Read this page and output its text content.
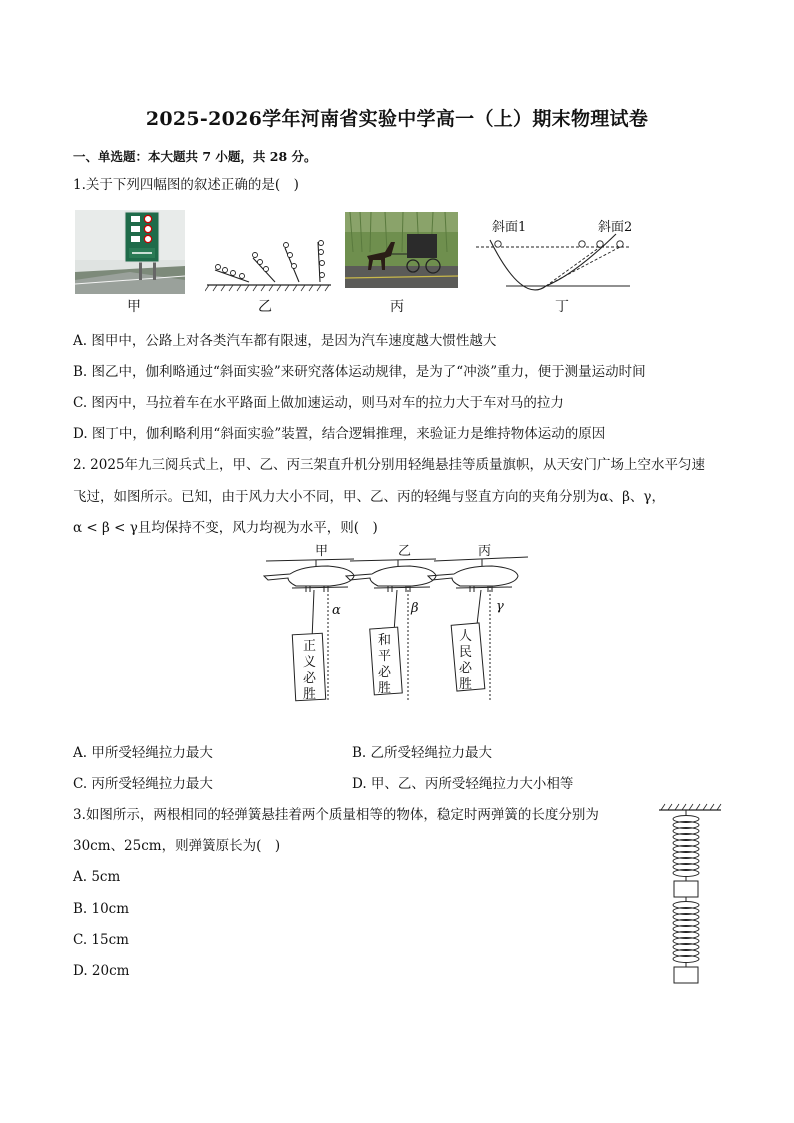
2025-2026学年河南省实验中学高一（上）期末物理试卷
一、单选题：本大题共 7 小题，共 28 分。
1.关于下列四幅图的叙述正确的是(　)
斜面1	斜面2
甲	乙	丙	丁
A. 图甲中，公路上对各类汽车都有限速，是因为汽车速度越大惯性越大
B. 图乙中，伽利略通过“斜面实验”来研究落体运动规律，是为了“冲淡”重力，便于测量运动时间
C. 图丙中，马拉着车在水平路面上做加速运动，则马对车的拉力大于车对马的拉力
D. 图丁中，伽利略利用“斜面实验”装置，结合逻辑推理，来验证力是维持物体运动的原因
2. 2025年九三阅兵式上，甲、乙、丙三架直升机分别用轻绳悬挂等质量旗帜，从天安门广场上空水平匀速
飞过，如图所示。已知，由于风力大小不同，甲、乙、丙的轻绳与竖直方向的夹角分别为α、β、γ，
α < β < γ且均保持不变，风力均视为水平，则(　)
甲	乙	丙
正
义
必
胜
α
和
平
必
胜
β
人
民
必
胜
γ
A. 甲所受轻绳拉力最大	B. 乙所受轻绳拉力最大
C. 丙所受轻绳拉力最大	D. 甲、乙、丙所受轻绳拉力大小相等
3.如图所示，两根相同的轻弹簧悬挂着两个质量相等的物体，稳定时两弹簧的长度分别为
30cm、25cm，则弹簧原长为(　)
A. 5cm
B. 10cm
C. 15cm
D. 20cm
